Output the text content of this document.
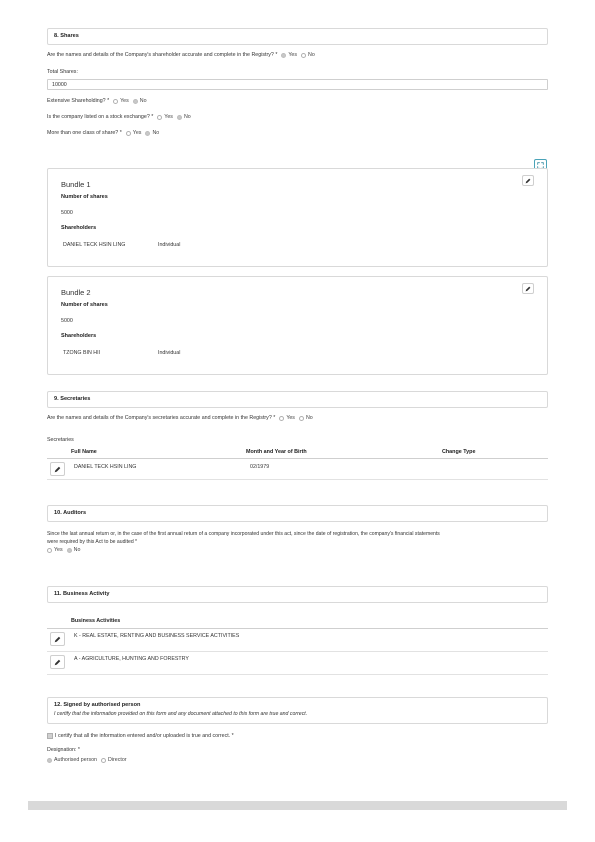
8. Shares
Are the names and details of the Company's shareholder accurate and complete in the Registry? * Yes No
Total Shares:
10000
Extensive Shareholding? * Yes No
Is the company listed on a stock exchange? * Yes No
More than one class of share? * Yes No
Bundle 1
Number of shares
5000
Shareholders
DANIEL TECK HSIN LING	Individual
Bundle 2
Number of shares
5000
Shareholders
TZONG BIN HII	Individual
9. Secretaries
Are the names and details of the Company's secretaries accurate and complete in the Registry? * Yes No
Secretaries
Full Name	Month and Year of Birth	Change Type
DANIEL TECK HSIN LING	02/1979
10. Auditors
Since the last annual return or, in the case of the first annual return of a company incorporated under this act, since the date of registration, the company's financial statements
were required by this Act to be audited *
Yes No
11. Business Activity
Business Activities
K - REAL ESTATE, RENTING AND BUSINESS SERVICE ACTIVITIES
A - AGRICULTURE, HUNTING AND FORESTRY
12. Signed by authorised person
I certify that the information provided on this form and any document attached to this form are true and correct.
I certify that all the information entered and/or uploaded is true and correct. *
Designation: *
Authorised person Director
